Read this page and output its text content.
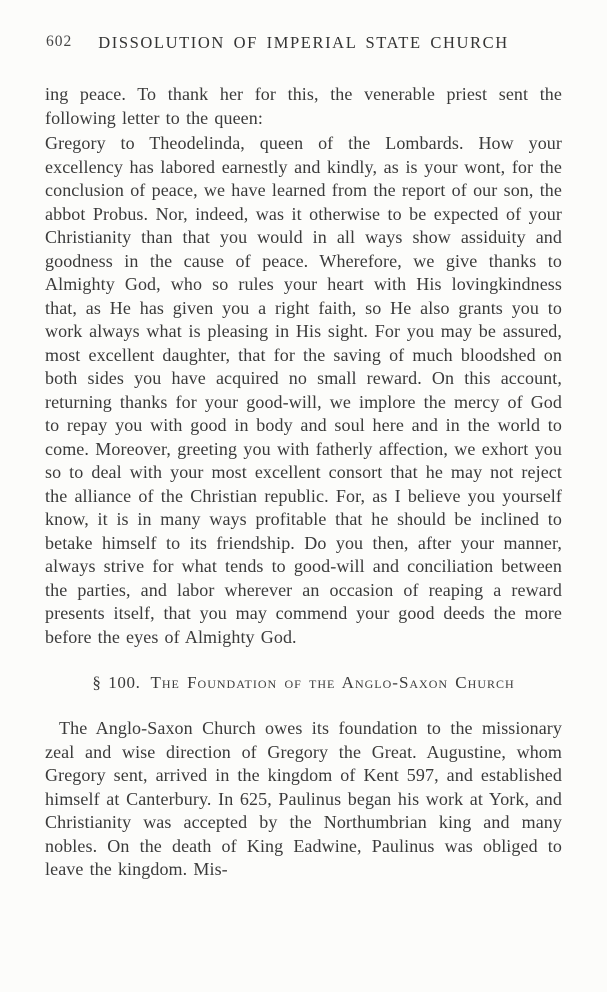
602	DISSOLUTION OF IMPERIAL STATE CHURCH

ing peace. To thank her for this, the venerable priest sent the following letter to the queen:

Gregory to Theodelinda, queen of the Lombards. How your excellency has labored earnestly and kindly, as is your wont, for the conclusion of peace, we have learned from the report of our son, the abbot Probus. Nor, indeed, was it otherwise to be expected of your Christianity than that you would in all ways show assiduity and goodness in the cause of peace. Wherefore, we give thanks to Almighty God, who so rules your heart with His lovingkindness that, as He has given you a right faith, so He also grants you to work always what is pleasing in His sight. For you may be assured, most excellent daughter, that for the saving of much bloodshed on both sides you have acquired no small reward. On this account, returning thanks for your good-will, we implore the mercy of God to repay you with good in body and soul here and in the world to come. Moreover, greeting you with fatherly affection, we exhort you so to deal with your most excellent consort that he may not reject the alliance of the Christian republic. For, as I believe you yourself know, it is in many ways profitable that he should be inclined to betake himself to its friendship. Do you then, after your manner, always strive for what tends to good-will and conciliation between the parties, and labor wherever an occasion of reaping a reward presents itself, that you may commend your good deeds the more before the eyes of Almighty God.

§ 100. The Foundation of the Anglo-Saxon Church

The Anglo-Saxon Church owes its foundation to the missionary zeal and wise direction of Gregory the Great. Augustine, whom Gregory sent, arrived in the kingdom of Kent 597, and established himself at Canterbury. In 625, Paulinus began his work at York, and Christianity was accepted by the Northumbrian king and many nobles. On the death of King Eadwine, Paulinus was obliged to leave the kingdom. Mis-
